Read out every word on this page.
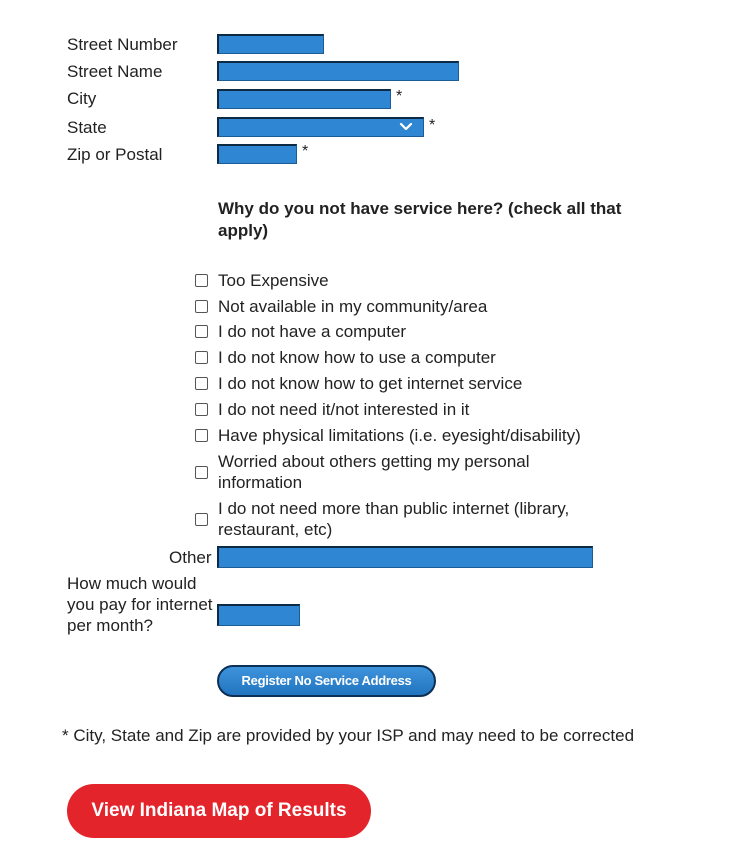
Street Number
Street Name
City	*
State	*
Zip or Postal	*
Why do you not have service here? (check all that apply)
Too Expensive
Not available in my community/area
I do not have a computer
I do not know how to use a computer
I do not know how to get internet service
I do not need it/not interested in it
Have physical limitations (i.e. eyesight/disability)
Worried about others getting my personal information
I do not need more than public internet (library, restaurant, etc)
Other
How much would you pay for internet per month?
Register No Service Address
* City, State and Zip are provided by your ISP and may need to be corrected
View Indiana Map of Results
